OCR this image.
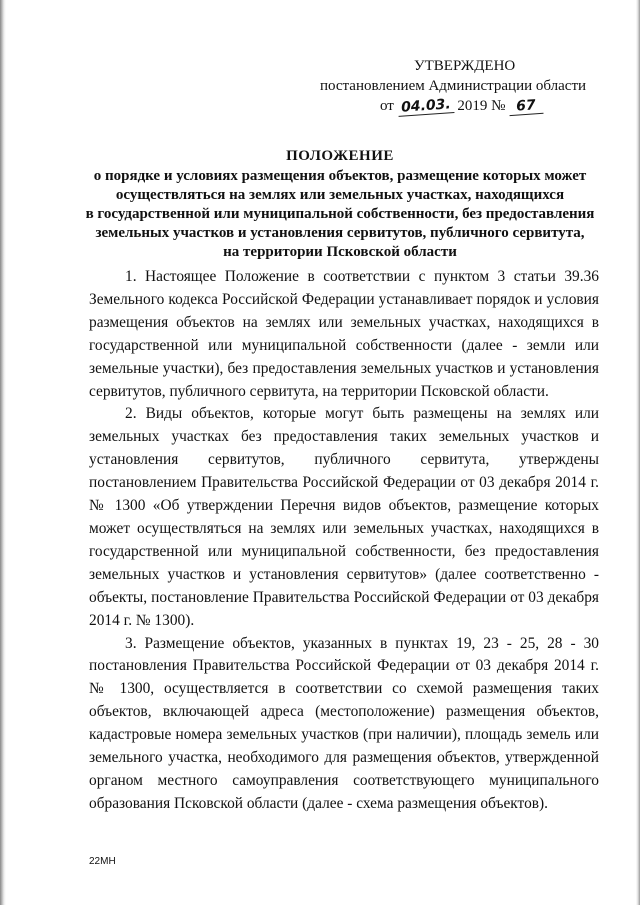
УТВЕРЖДЕНО
постановлением Администрации области
от 04.03. 2019 № 67
ПОЛОЖЕНИЕ
о порядке и условиях размещения объектов, размещение которых может
осуществляться на землях или земельных участках, находящихся
в государственной или муниципальной собственности, без предоставления
земельных участков и установления сервитутов, публичного сервитута,
на территории Псковской области

1. Настоящее Положение в соответствии с пунктом 3 статьи 39.36 Земельного кодекса Российской Федерации устанавливает порядок и условия размещения объектов на землях или земельных участках, находящихся в государственной или муниципальной собственности (далее - земли или земельные участки), без предоставления земельных участков и установления сервитутов, публичного сервитута, на территории Псковской области.

2. Виды объектов, которые могут быть размещены на землях или земельных участках без предоставления таких земельных участков и установления сервитутов, публичного сервитута, утверждены постановлением Правительства Российской Федерации от 03 декабря 2014 г. № 1300 «Об утверждении Перечня видов объектов, размещение которых может осуществляться на землях или земельных участках, находящихся в государственной или муниципальной собственности, без предоставления земельных участков и установления сервитутов» (далее соответственно - объекты, постановление Правительства Российской Федерации от 03 декабря 2014 г. № 1300).

3. Размещение объектов, указанных в пунктах 19, 23 - 25, 28 - 30 постановления Правительства Российской Федерации от 03 декабря 2014 г. № 1300, осуществляется в соответствии со схемой размещения таких объектов, включающей адреса (местоположение) размещения объектов, кадастровые номера земельных участков (при наличии), площадь земель или земельного участка, необходимого для размещения объектов, утвержденной органом местного самоуправления соответствующего муниципального образования Псковской области (далее - схема размещения объектов).

22МН
